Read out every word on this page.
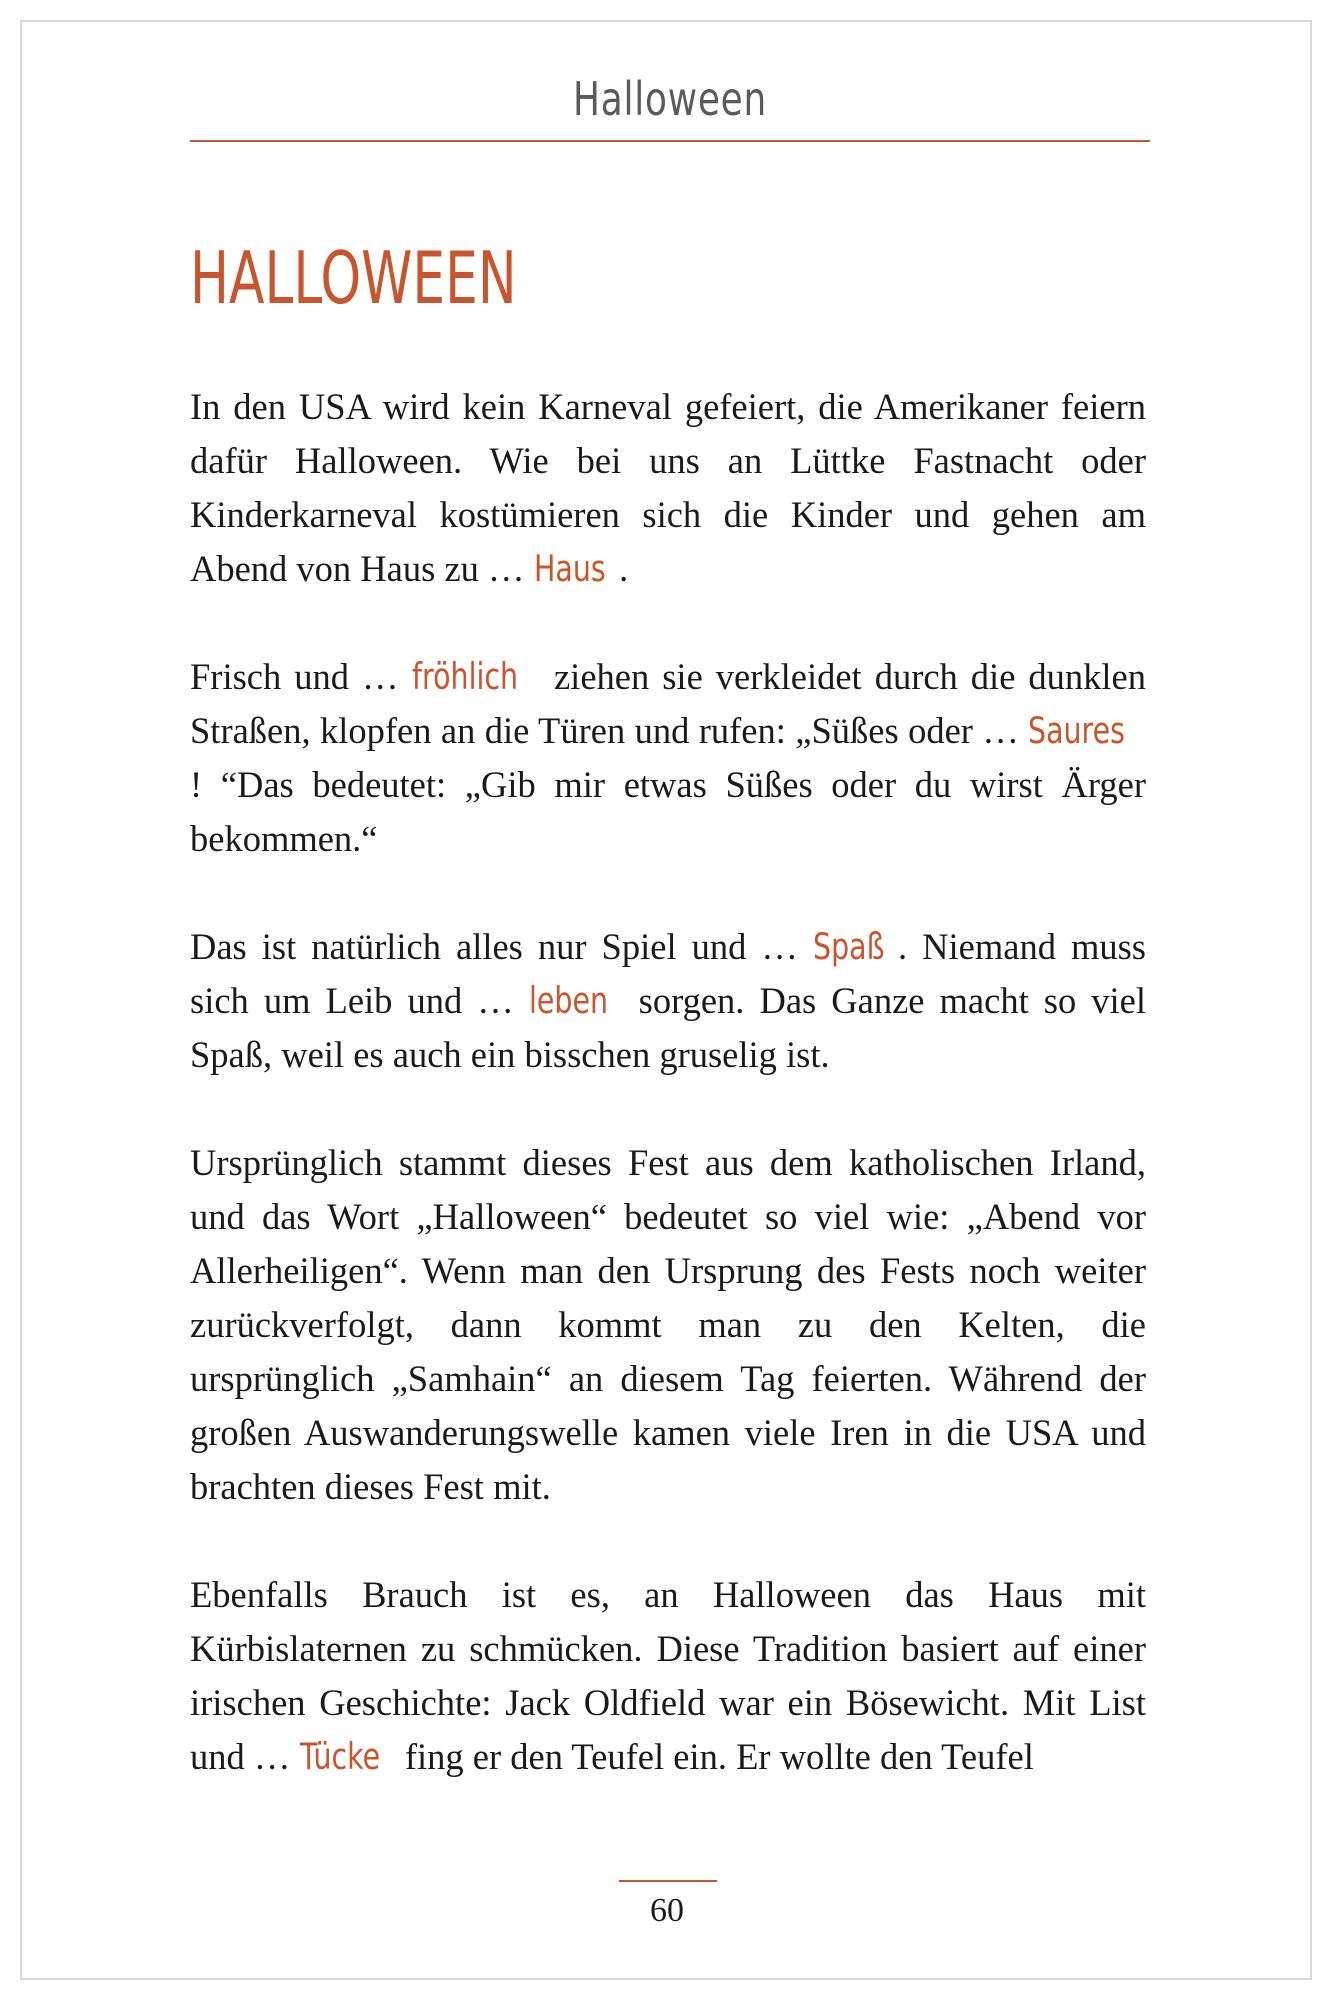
Halloween
HALLOWEEN

In den USA wird kein Karneval gefeiert, die Amerikaner feiern dafür Halloween. Wie bei uns an Lüttke Fastnacht oder Kinderkarneval kostümieren sich die Kinder und gehen am Abend von Haus zu … Haus .

Frisch und … fröhlich ziehen sie verkleidet durch die dunklen Straßen, klopfen an die Türen und rufen: „Süßes oder … Saures! “Das bedeutet: „Gib mir etwas Süßes oder du wirst Ärger bekommen.“

Das ist natürlich alles nur Spiel und … Spaß . Niemand muss sich um Leib und … leben sorgen. Das Ganze macht so viel Spaß, weil es auch ein bisschen gruselig ist.

Ursprünglich stammt dieses Fest aus dem katholischen Irland, und das Wort „Halloween“ bedeutet so viel wie: „Abend vor Allerheiligen“. Wenn man den Ursprung des Fests noch weiter zurückverfolgt, dann kommt man zu den Kelten, die ursprünglich „Samhain“ an diesem Tag feierten. Während der großen Auswanderungswelle kamen viele Iren in die USA und brachten dieses Fest mit.

Ebenfalls Brauch ist es, an Halloween das Haus mit Kürbislaternen zu schmücken. Diese Tradition basiert auf einer irischen Geschichte: Jack Oldfield war ein Bösewicht. Mit List und … Tücke fing er den Teufel ein. Er wollte den Teufel

60
